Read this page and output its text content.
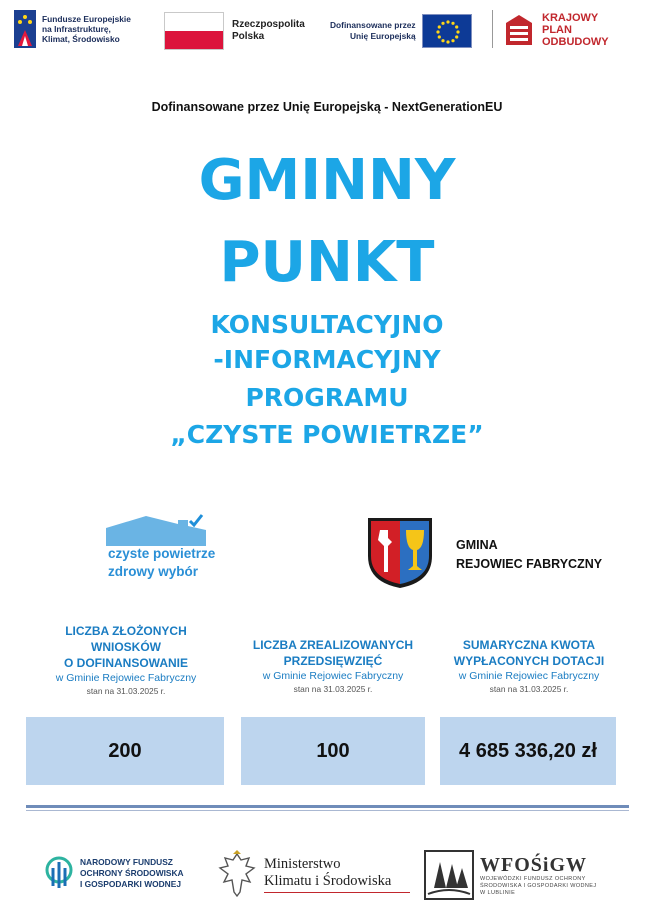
Fundusze Europejskie na Infrastrukturę, Klimat, Środowisko
Rzeczpospolita
Polska
Dofinansowane przez
Unię Europejską
KRAJOWY
PLAN
ODBUDOWY
Dofinansowane przez Unię Europejską - NextGenerationEU
GMINNY
PUNKT
KONSULTACYJNO
-INFORMACYJNY
PROGRAMU
„CZYSTE POWIETRZE”
czyste powietrze
zdrowy wybór
GMINA
REJOWIEC FABRYCZNY
LICZBA ZŁOŻONYCH
WNIOSKÓW
O DOFINANSOWANIE
w Gminie Rejowiec Fabryczny
stan na 31.03.2025 r.
200
LICZBA ZREALIZOWANYCH
PRZEDSIĘWZIĘĆ
w Gminie Rejowiec Fabryczny
stan na 31.03.2025 r.
100
SUMARYCZNA KWOTA
WYPŁACONYCH DOTACJI
w Gminie Rejowiec Fabryczny
stan na 31.03.2025 r.
4 685 336,20 zł
NARODOWY FUNDUSZ
OCHRONY ŚRODOWISKA
I GOSPODARKI WODNEJ
Ministerstwo
Klimatu i Środowiska
WFOŚiGW
WOJEWÓDZKI FUNDUSZ OCHRONY
ŚRODOWISKA I GOSPODARKI WODNEJ
W LUBLINIE
